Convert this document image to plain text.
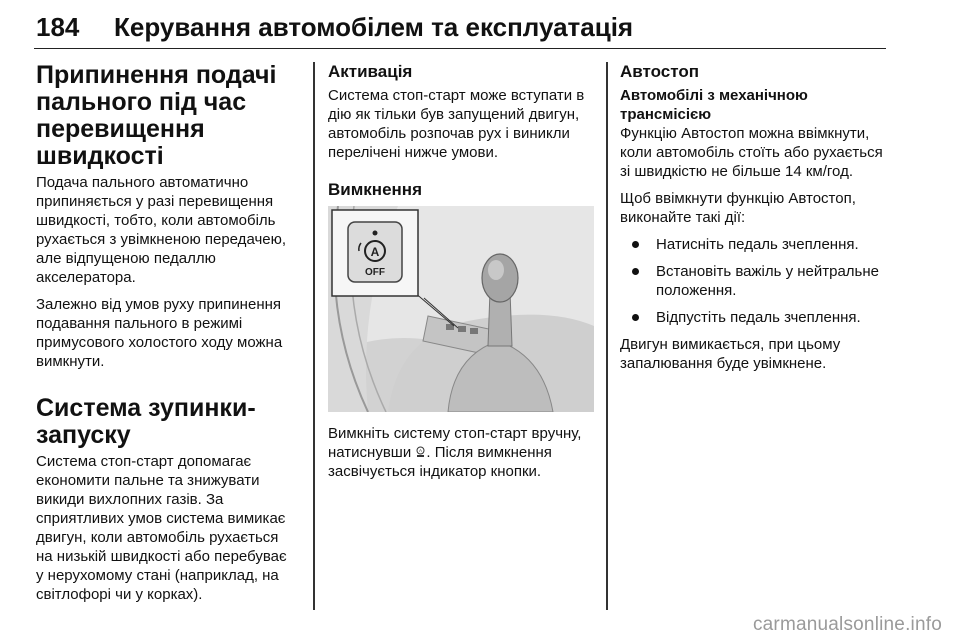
184 Керування автомобілем та експлуатація
Припинення подачі пального під час перевищення швидкості

Подача пального автоматично припиняється у разі перевищення швидкості, тобто, коли автомобіль рухається з увімкненою передачею, але відпущеною педаллю акселератора.

Залежно від умов руху припинення подавання пального в режимі примусового холостого ходу можна вимкнути.

Система зупинки-запуску

Система стоп-старт допомагає економити пальне та знижувати викиди вихлопних газів. За сприятливих умов система вимикає двигун, коли автомобіль рухається на низькій швидкості або перебуває у нерухомому стані (наприклад, на світлофорі чи у корках).

Активація

Система стоп-старт може вступати в дію як тільки був запущений двигун, автомобіль розпочав рух і виникли перелічені нижче умови.

Вимкнення
A
OFF

Вимкніть систему стоп-старт вручну, натиснувши A . Після вимкнення засвічується індикатор кнопки.

Автостоп
Автомобілі з механічною трансмісією

Функцію Автостоп можна ввімкнути, коли автомобіль стоїть або рухається зі швидкістю не більше 14 км/год.

Щоб ввімкнути функцію Автостоп, виконайте такі дії:

Натисніть педаль зчеплення.
Встановіть важіль у нейтральне положення.
Відпустіть педаль зчеплення.

Двигун вимикається, при цьому запалювання буде увімкнене.

carmanualsonline.info
